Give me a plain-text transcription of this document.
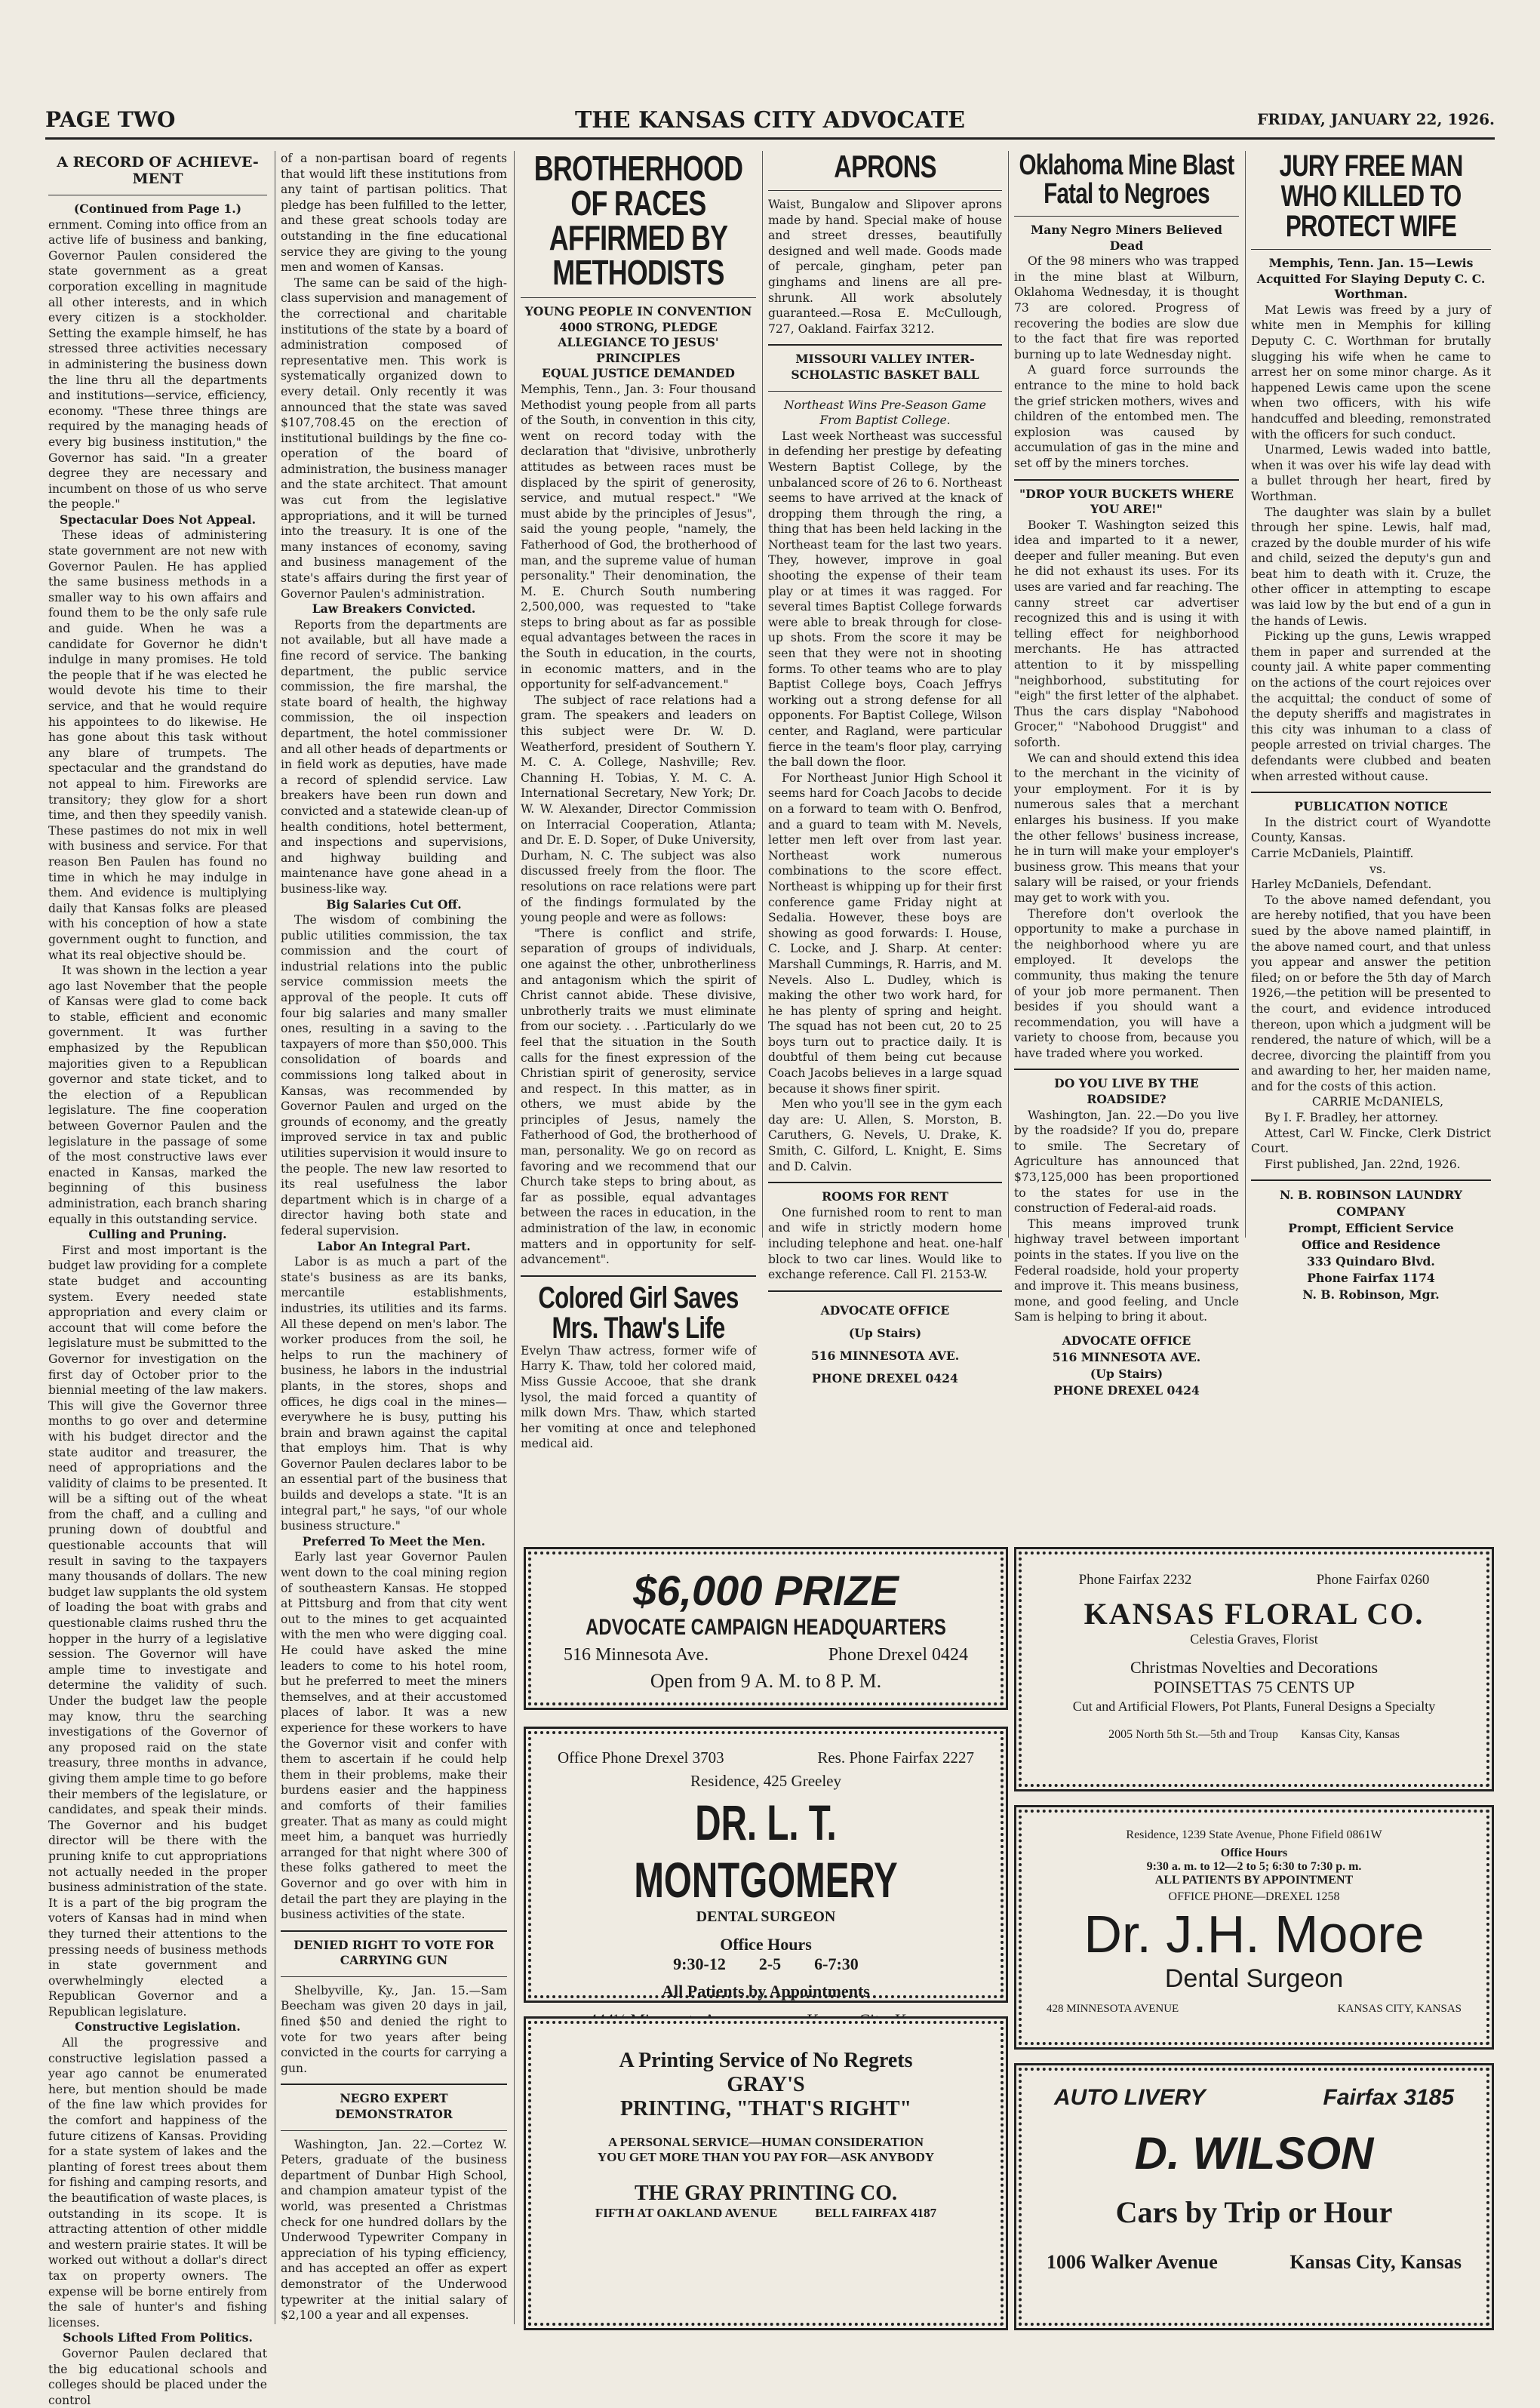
PAGE TWO	THE KANSAS CITY ADVOCATE	FRIDAY, JANUARY 22, 1926.
A RECORD OF ACHIEVE-MENT

(Continued from Page 1.)

ernment. Coming into office from an active life of business and banking, Governor Paulen considered the state government as a great corporation excelling in magnitude all other interests, and in which every citizen is a stockholder. Setting the example himself, he has stressed three activities necessary in administering the business down the line thru all the departments and institutions—service, efficiency, economy. "These three things are required by the managing heads of every big business institution," the Governor has said. "In a greater degree they are necessary and incumbent on those of us who serve the people."

Spectacular Does Not Appeal.

These ideas of administering state government are not new with Governor Paulen. He has applied the same business methods in a smaller way to his own affairs and found them to be the only safe rule and guide. When he was a candidate for Governor he didn't indulge in many promises. He told the people that if he was elected he would devote his time to their service, and that he would require his appointees to do likewise. He has gone about this task without any blare of trumpets. The spectacular and the grandstand do not appeal to him. Fireworks are transitory; they glow for a short time, and then they speedily vanish. These pastimes do not mix in well with business and service. For that reason Ben Paulen has found no time in which he may indulge in them. And evidence is multiplying daily that Kansas folks are pleased with his conception of how a state government ought to function, and what its real objective should be.

It was shown in the lection a year ago last November that the people of Kansas were glad to come back to stable, efficient and economic government. It was further emphasized by the Republican majorities given to a Republican governor and state ticket, and to the election of a Republican legislature. The fine cooperation between Governor Paulen and the legislature in the passage of some of the most constructive laws ever enacted in Kansas, marked the beginning of this business administration, each branch sharing equally in this outstanding service.

Culling and Pruning.

First and most important is the budget law providing for a complete state budget and accounting system. Every needed state appropriation and every claim or account that will come before the legislature must be submitted to the Governor for investigation on the first day of October prior to the biennial meeting of the law makers. This will give the Governor three months to go over and determine with his budget director and the state auditor and treasurer, the need of appropriations and the validity of claims to be presented. It will be a sifting out of the wheat from the chaff, and a culling and pruning down of doubtful and questionable accounts that will result in saving to the taxpayers many thousands of dollars. The new budget law supplants the old system of loading the boat with grabs and questionable claims rushed thru the hopper in the hurry of a legislative session. The Governor will have ample time to investigate and determine the validity of such. Under the budget law the people may know, thru the searching investigations of the Governor of any proposed raid on the state treasury, three months in advance, giving them ample time to go before their members of the legislature, or candidates, and speak their minds. The Governor and his budget director will be there with the pruning knife to cut appropriations not actually needed in the proper business administration of the state. It is a part of the big program the voters of Kansas had in mind when they turned their attentions to the pressing needs of business methods in state government and overwhelmingly elected a Republican Governor and a Republican legislature.

Constructive Legislation.

All the progressive and constructive legislation passed a year ago cannot be enumerated here, but mention should be made of the fine law which provides for the comfort and happiness of the future citizens of Kansas. Providing for a state system of lakes and the planting of forest trees about them for fishing and camping resorts, and the beautification of waste places, is outstanding in its scope. It is attracting attention of other middle and western prairie states. It will be worked out without a dollar's direct tax on property owners. The expense will be borne entirely from the sale of hunter's and fishing licenses.

Schools Lifted From Politics.

Governor Paulen declared that the big educational schools and colleges should be placed under the control

of a non-partisan board of regents that would lift these institutions from any taint of partisan politics. That pledge has been fulfilled to the letter, and these great schools today are outstanding in the fine educational service they are giving to the young men and women of Kansas.

The same can be said of the high-class supervision and management of the correctional and charitable institutions of the state by a board of administration composed of representative men. This work is systematically organized down to every detail. Only recently it was announced that the state was saved $107,708.45 on the erection of institutional buildings by the fine co-operation of the board of administration, the business manager and the state architect. That amount was cut from the legislative appropriations, and it will be turned into the treasury. It is one of the many instances of economy, saving and business management of the state's affairs during the first year of Governor Paulen's administration.

Law Breakers Convicted.

Reports from the departments are not available, but all have made a fine record of service. The banking department, the public service commission, the fire marshal, the state board of health, the highway commission, the oil inspection department, the hotel commissioner and all other heads of departments or in field work as deputies, have made a record of splendid service. Law breakers have been run down and convicted and a statewide clean-up of health conditions, hotel betterment, and inspections and supervisions, and highway building and maintenance have gone ahead in a business-like way.

Big Salaries Cut Off.

The wisdom of combining the public utilities commission, the tax commission and the court of industrial relations into the public service commission meets the approval of the people. It cuts off four big salaries and many smaller ones, resulting in a saving to the taxpayers of more than $50,000. This consolidation of boards and commissions long talked about in Kansas, was recommended by Governor Paulen and urged on the grounds of economy, and the greatly improved service in tax and public utilities supervision it would insure to the people. The new law resorted to its real usefulness the labor department which is in charge of a director having both state and federal supervision.

Labor An Integral Part.

Labor is as much a part of the state's business as are its banks, mercantile establishments, industries, its utilities and its farms. All these depend on men's labor. The worker produces from the soil, he helps to run the machinery of business, he labors in the industrial plants, in the stores, shops and offices, he digs coal in the mines—everywhere he is busy, putting his brain and brawn against the capital that employs him. That is why Governor Paulen declares labor to be an essential part of the business that builds and develops a state. "It is an integral part," he says, "of our whole business structure."

Preferred To Meet the Men.

Early last year Governor Paulen went down to the coal mining region of southeastern Kansas. He stopped at Pittsburg and from that city went out to the mines to get acquainted with the men who were digging coal. He could have asked the mine leaders to come to his hotel room, but he preferred to meet the miners themselves, and at their accustomed places of labor. It was a new experience for these workers to have the Governor visit and confer with them to ascertain if he could help them in their problems, make their burdens easier and the happiness and comforts of their families greater. That as many as could might meet him, a banquet was hurriedly arranged for that night where 300 of these folks gathered to meet the Governor and go over with him in detail the part they are playing in the business activities of the state.

DENIED RIGHT TO VOTE FOR CARRYING GUN

Shelbyville, Ky., Jan. 15.—Sam Beecham was given 20 days in jail, fined $50 and denied the right to vote for two years after being convicted in the courts for carrying a gun.

NEGRO EXPERT DEMONSTRATOR

Washington, Jan. 22.—Cortez W. Peters, graduate of the business department of Dunbar High School, and champion amateur typist of the world, was presented a Christmas check for one hundred dollars by the Underwood Typewriter Company in appreciation of his typing efficiency, and has accepted an offer as expert demonstrator of the Underwood typewriter at the initial salary of $2,100 a year and all expenses.

BROTHERHOOD OF RACES AFFIRMED BY METHODISTS

YOUNG PEOPLE IN CONVENTION 4000 STRONG, PLEDGE ALLEGIANCE TO JESUS' PRINCIPLES

EQUAL JUSTICE DEMANDED

Memphis, Tenn., Jan. 3: Four thousand Methodist young people from all parts of the South, in convention in this city, went on record today with the declaration that "divisive, unbrotherly attitudes as between races must be displaced by the spirit of generosity, service, and mutual respect." "We must abide by the principles of Jesus", said the young people, "namely, the Fatherhood of God, the brotherhood of man, and the supreme value of human personality." Their denomination, the M. E. Church South numbering 2,500,000, was requested to "take steps to bring about as far as possible equal advantages between the races in the South in education, in the courts, in economic matters, and in the opportunity for self-advancement."

The subject of race relations had a gram. The speakers and leaders on this subject were Dr. W. D. Weatherford, president of Southern Y. M. C. A. College, Nashville; Rev. Channing H. Tobias, Y. M. C. A. International Secretary, New York; Dr. W. W. Alexander, Director Commission on Interracial Cooperation, Atlanta; and Dr. E. D. Soper, of Duke University, Durham, N. C. The subject was also discussed freely from the floor. The resolutions on race relations were part of the findings formulated by the young people and were as follows:

"There is conflict and strife, separation of groups of individuals, one against the other, unbrotherliness and antagonism which the spirit of Christ cannot abide. These divisive, unbrotherly traits we must eliminate from our society. . . .Particularly do we feel that the situation in the South calls for the finest expression of the Christian spirit of generosity, service and respect. In this matter, as in others, we must abide by the principles of Jesus, namely the Fatherhood of God, the brotherhood of man, personality. We go on record as favoring and we recommend that our Church take steps to bring about, as far as possible, equal advantages between the races in education, in the administration of the law, in economic matters and in opportunity for self-advancement".

Colored Girl Saves Mrs. Thaw's Life

Evelyn Thaw actress, former wife of Harry K. Thaw, told her colored maid, Miss Gussie Accooe, that she drank lysol, the maid forced a quantity of milk down Mrs. Thaw, which started her vomiting at once and telephoned medical aid.

APRONS

Waist, Bungalow and Slipover aprons made by hand. Special make of house and street dresses, beautifully designed and well made. Goods made of percale, gingham, peter pan ginghams and linens are all pre-shrunk. All work absolutely guaranteed.—Rosa E. McCullough, 727, Oakland. Fairfax 3212.

MISSOURI VALLEY INTER-SCHOLASTIC BASKET BALL

Northeast Wins Pre-Season Game From Baptist College.

Last week Northeast was successful in defending her prestige by defeating Western Baptist College, by the unbalanced score of 26 to 6. Northeast seems to have arrived at the knack of dropping them through the ring, a thing that has been held lacking in the Northeast team for the last two years. They, however, improve in goal shooting the expense of their team play or at times it was ragged. For several times Baptist College forwards were able to break through for close-up shots. From the score it may be seen that they were not in shooting forms. To other teams who are to play Baptist College boys, Coach Jeffrys working out a strong defense for all opponents. For Baptist College, Wilson center, and Ragland, were particular fierce in the team's floor play, carrying the ball down the floor.

For Northeast Junior High School it seems hard for Coach Jacobs to decide on a forward to team with O. Benfrod, and a guard to team with M. Nevels, letter men left over from last year. Northeast work numerous combinations to the score effect. Northeast is whipping up for their first conference game Friday night at Sedalia. However, these boys are showing as good forwards: I. House, C. Locke, and J. Sharp. At center: Marshall Cummings, R. Harris, and M. Nevels. Also L. Dudley, which is making the other two work hard, for he has plenty of spring and height. The squad has not been cut, 20 to 25 boys turn out to practice daily. It is doubtful of them being cut because Coach Jacobs believes in a large squad because it shows finer spirit.

Men who you'll see in the gym each day are: U. Allen, S. Morston, B. Caruthers, G. Nevels, U. Drake, K. Smith, C. Gilford, L. Knight, E. Sims and D. Calvin.

ROOMS FOR RENT

One furnished room to rent to man and wife in strictly modern home including telephone and heat. one-half block to two car lines. Would like to exchange reference. Call Fl. 2153-W.

ADVOCATE OFFICE
(Up Stairs)
516 MINNESOTA AVE.
PHONE DREXEL 0424
Oklahoma Mine Blast Fatal to Negroes

Many Negro Miners Believed Dead

Of the 98 miners who was trapped in the mine blast at Wilburn, Oklahoma Wednesday, it is thought 73 are colored. Progress of recovering the bodies are slow due to the fact that fire was reported burning up to late Wednesday night.

A guard force surrounds the entrance to the mine to hold back the grief stricken mothers, wives and children of the entombed men. The explosion was caused by accumulation of gas in the mine and set off by the miners torches.

"DROP YOUR BUCKETS WHERE YOU ARE!"

Booker T. Washington seized this idea and imparted to it a newer, deeper and fuller meaning. But even he did not exhaust its uses. For its uses are varied and far reaching. The canny street car advertiser recognized this and is using it with telling effect for neighborhood merchants. He has attracted attention to it by misspelling "neighborhood, substituting for "eigh" the first letter of the alphabet. Thus the cars display "Nabohood Grocer," "Nabohood Druggist" and soforth.

We can and should extend this idea to the merchant in the vicinity of your employment. For it is by numerous sales that a merchant enlarges his business. If you make the other fellows' business increase, he in turn will make your employer's business grow. This means that your salary will be raised, or your friends may get to work with you.

Therefore don't overlook the opportunity to make a purchase in the neighborhood where yu are employed. It develops the community, thus making the tenure of your job more permanent. Then besides if you should want a recommendation, you will have a variety to choose from, because you have traded where you worked.

DO YOU LIVE BY THE ROADSIDE?

Washington, Jan. 22.—Do you live by the roadside? If you do, prepare to smile. The Secretary of Agriculture has announced that $73,125,000 has been proportioned to the states for use in the construction of Federal-aid roads.

This means improved trunk highway travel between important points in the states. If you live on the Federal roadside, hold your property and improve it. This means business, mone, and good feeling, and Uncle Sam is helping to bring it about.

ADVOCATE OFFICE
516 MINNESOTA AVE.
(Up Stairs)
PHONE DREXEL 0424
JURY FREE MAN WHO KILLED TO PROTECT WIFE

Memphis, Tenn. Jan. 15—Lewis Acquitted For Slaying Deputy C. C. Worthman.

Mat Lewis was freed by a jury of white men in Memphis for killing Deputy C. C. Worthman for brutally slugging his wife when he came to arrest her on some minor charge. As it happened Lewis came upon the scene when two officers, with his wife handcuffed and bleeding, remonstrated with the officers for such conduct.

Unarmed, Lewis waded into battle, when it was over his wife lay dead with a bullet through her heart, fired by Worthman.

The daughter was slain by a bullet through her spine. Lewis, half mad, crazed by the double murder of his wife and child, seized the deputy's gun and beat him to death with it. Cruze, the other officer in attempting to escape was laid low by the but end of a gun in the hands of Lewis.

Picking up the guns, Lewis wrapped them in paper and surrended at the county jail. A white paper commenting on the actions of the court rejoices over the acquittal; the conduct of some of the deputy sheriffs and magistrates in this city was inhuman to a class of people arrested on trivial charges. The defendants were clubbed and beaten when arrested without cause.

PUBLICATION NOTICE

In the district court of Wyandotte County, Kansas.

Carrie McDaniels, Plaintiff.

vs.

Harley McDaniels, Defendant.

To the above named defendant, you are hereby notified, that you have been sued by the above named plaintiff, in the above named court, and that unless you appear and answer the petition filed; on or before the 5th day of March 1926,—the petition will be presented to the court, and evidence introduced thereon, upon which a judgment will be rendered, the nature of which, will be a decree, divorcing the plaintiff from you and awarding to her, her maiden name, and for the costs of this action.

CARRIE McDANIELS,

By I. F. Bradley, her attorney.

Attest, Carl W. Fincke, Clerk District Court.

First published, Jan. 22nd, 1926.

N. B. ROBINSON LAUNDRY COMPANY
Prompt, Efficient Service
Office and Residence
333 Quindaro Blvd.
Phone Fairfax 1174
N. B. Robinson, Mgr.
$6,000 PRIZE
ADVOCATE CAMPAIGN HEADQUARTERS
516 Minnesota Ave.	Phone Drexel 0424
Open from 9 A. M. to 8 P. M.
Office Phone Drexel 3703	Res. Phone Fairfax 2227
Residence, 425 Greeley
DR. L. T. MONTGOMERY
DENTAL SURGEON
Office Hours
9:30-12 2-5 6-7:30
All Patients by Appointments
A Printing Service of No Regrets
GRAY'S
PRINTING, "THAT'S RIGHT"
A PERSONAL SERVICE—HUMAN CONSIDERATION
YOU GET MORE THAN YOU PAY FOR—ASK ANYBODY
THE GRAY PRINTING CO.
FIFTH AT OAKLAND AVENUE	BELL FAIRFAX 4187
Phone Fairfax 2232	Phone Fairfax 0260
KANSAS FLORAL CO.
Celestia Graves, Florist
Christmas Novelties and Decorations
POINSETTAS 75 CENTS UP
Cut and Artificial Flowers, Pot Plants, Funeral Designs a Specialty
2005 North 5th St.—5th and Troup Kansas City, Kansas
Residence, 1239 State Avenue, Phone Fifield 0861W
Office Hours
9:30 a. m. to 12—2 to 5; 6:30 to 7:30 p. m.
ALL PATIENTS BY APPOINTMENT
OFFICE PHONE—DREXEL 1258
Dr. J.H. Moore
Dental Surgeon
428 MINNESOTA AVENUE	KANSAS CITY, KANSAS
AUTO LIVERY	Fairfax 3185
D. WILSON
Cars by Trip or Hour
1006 Walker Avenue	Kansas City, Kansas
